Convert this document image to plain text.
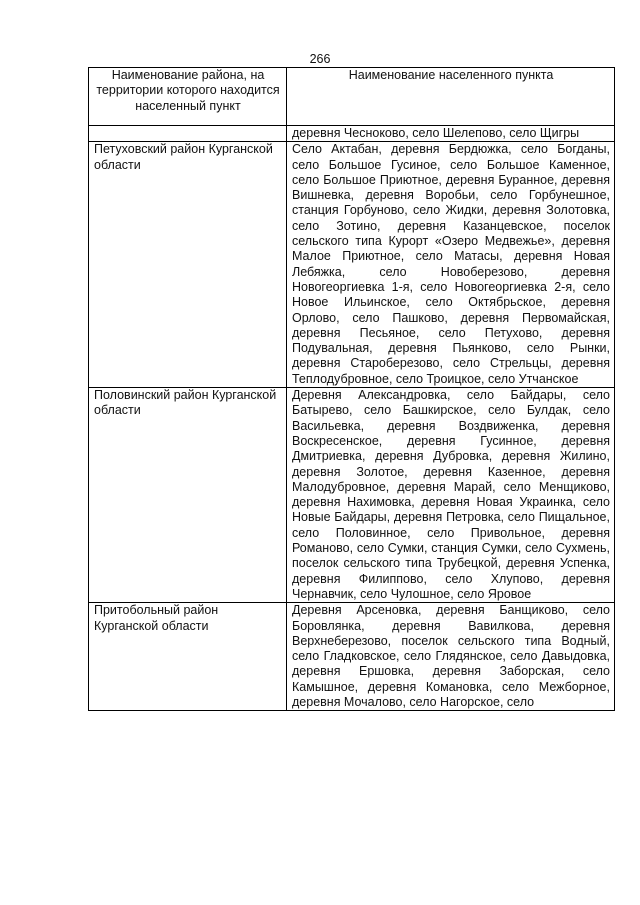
266
Наименование района, на территории которого находится населенный пункт	Наименование населенного пункта
	деревня Чесноково, село Шелепово, село Щигры
Петуховский район Курганской области	Село Актабан, деревня Бердюжка, село Богданы, село Большое Гусиное, село Большое Каменное, село Большое Приютное, деревня Буранное, деревня Вишневка, деревня Воробьи, село Горбунешное, станция Горбуново, село Жидки, деревня Золотовка, село Зотино, деревня Казанцевское, поселок сельского типа Курорт «Озеро Медвежье», деревня Малое Приютное, село Матасы, деревня Новая Лебяжка, село Новоберезово, деревня Новогеоргиевка 1-я, село Новогеоргиевка 2-я, село Новое Ильинское, село Октябрьское, деревня Орлово, село Пашково, деревня Первомайская, деревня Песьяное, село Петухово, деревня Подувальная, деревня Пьянково, село Рынки, деревня Староберезово, село Стрельцы, деревня Теплодубровное, село Троицкое, село Утчанское
Половинский район Курганской области	Деревня Александровка, село Байдары, село Батырево, село Башкирское, село Булдак, село Васильевка, деревня Воздвиженка, деревня Воскресенское, деревня Гусинное, деревня Дмитриевка, деревня Дубровка, деревня Жилино, деревня Золотое, деревня Казенное, деревня Малодубровное, деревня Марай, село Менщиково, деревня Нахимовка, деревня Новая Украинка, село Новые Байдары, деревня Петровка, село Пищальное, село Половинное, село Привольное, деревня Романово, село Сумки, станция Сумки, село Сухмень, поселок сельского типа Трубецкой, деревня Успенка, деревня Филиппово, село Хлупово, деревня Чернавчик, село Чулошное, село Яровое
Притобольный район Курганской области	Деревня Арсеновка, деревня Банщиково, село Боровлянка, деревня Вавилкова, деревня Верхнеберезово, поселок сельского типа Водный, село Гладковское, село Глядянское, село Давыдовка, деревня Ершовка, деревня Заборская, село Камышное, деревня Комановка, село Межборное, деревня Мочалово, село Нагорское, село
